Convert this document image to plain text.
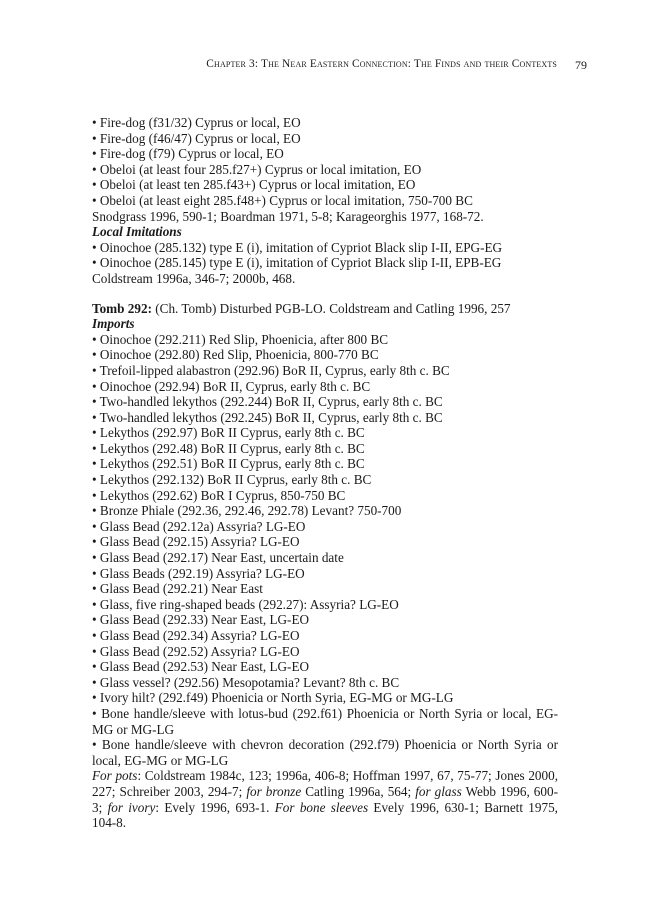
Chapter 3: The Near Eastern Connection: The Finds and their Contexts 79
• Fire-dog (f31/32) Cyprus or local, EO
• Fire-dog (f46/47) Cyprus or local, EO
• Fire-dog (f79) Cyprus or local, EO
• Obeloi (at least four 285.f27+) Cyprus or local imitation, EO
• Obeloi (at least ten 285.f43+) Cyprus or local imitation, EO
• Obeloi (at least eight 285.f48+) Cyprus or local imitation, 750-700 BC
Snodgrass 1996, 590-1; Boardman 1971, 5-8; Karageorghis 1977, 168-72.
Local Imitations
• Oinochoe (285.132) type E (i), imitation of Cypriot Black slip I-II, EPG-EG
• Oinochoe (285.145) type E (i), imitation of Cypriot Black slip I-II, EPB-EG
Coldstream 1996a, 346-7; 2000b, 468.
Tomb 292: (Ch. Tomb) Disturbed PGB-LO. Coldstream and Catling 1996, 257
Imports
• Oinochoe (292.211) Red Slip, Phoenicia, after 800 BC
• Oinochoe (292.80) Red Slip, Phoenicia, 800-770 BC
• Trefoil-lipped alabastron (292.96) BoR II, Cyprus, early 8th c. BC
• Oinochoe (292.94) BoR II, Cyprus, early 8th c. BC
• Two-handled lekythos (292.244) BoR II, Cyprus, early 8th c. BC
• Two-handled lekythos (292.245) BoR II, Cyprus, early 8th c. BC
• Lekythos (292.97) BoR II Cyprus, early 8th c. BC
• Lekythos (292.48) BoR II Cyprus, early 8th c. BC
• Lekythos (292.51) BoR II Cyprus, early 8th c. BC
• Lekythos (292.132) BoR II Cyprus, early 8th c. BC
• Lekythos (292.62) BoR I Cyprus, 850-750 BC
• Bronze Phiale (292.36, 292.46, 292.78) Levant? 750-700
• Glass Bead (292.12a) Assyria? LG-EO
• Glass Bead (292.15) Assyria? LG-EO
• Glass Bead (292.17) Near East, uncertain date
• Glass Beads (292.19) Assyria? LG-EO
• Glass Bead (292.21) Near East
• Glass, five ring-shaped beads (292.27): Assyria? LG-EO
• Glass Bead (292.33) Near East, LG-EO
• Glass Bead (292.34) Assyria? LG-EO
• Glass Bead (292.52) Assyria? LG-EO
• Glass Bead (292.53) Near East, LG-EO
• Glass vessel? (292.56) Mesopotamia? Levant? 8th c. BC
• Ivory hilt? (292.f49) Phoenicia or North Syria, EG-MG or MG-LG
• Bone handle/sleeve with lotus-bud (292.f61) Phoenicia or North Syria or local, EG-MG or MG-LG
• Bone handle/sleeve with chevron decoration (292.f79) Phoenicia or North Syria or local, EG-MG or MG-LG
For pots: Coldstream 1984c, 123; 1996a, 406-8; Hoffman 1997, 67, 75-77; Jones 2000, 227; Schreiber 2003, 294-7; for bronze Catling 1996a, 564; for glass Webb 1996, 600-3; for ivory: Evely 1996, 693-1. For bone sleeves Evely 1996, 630-1; Barnett 1975, 104-8.
